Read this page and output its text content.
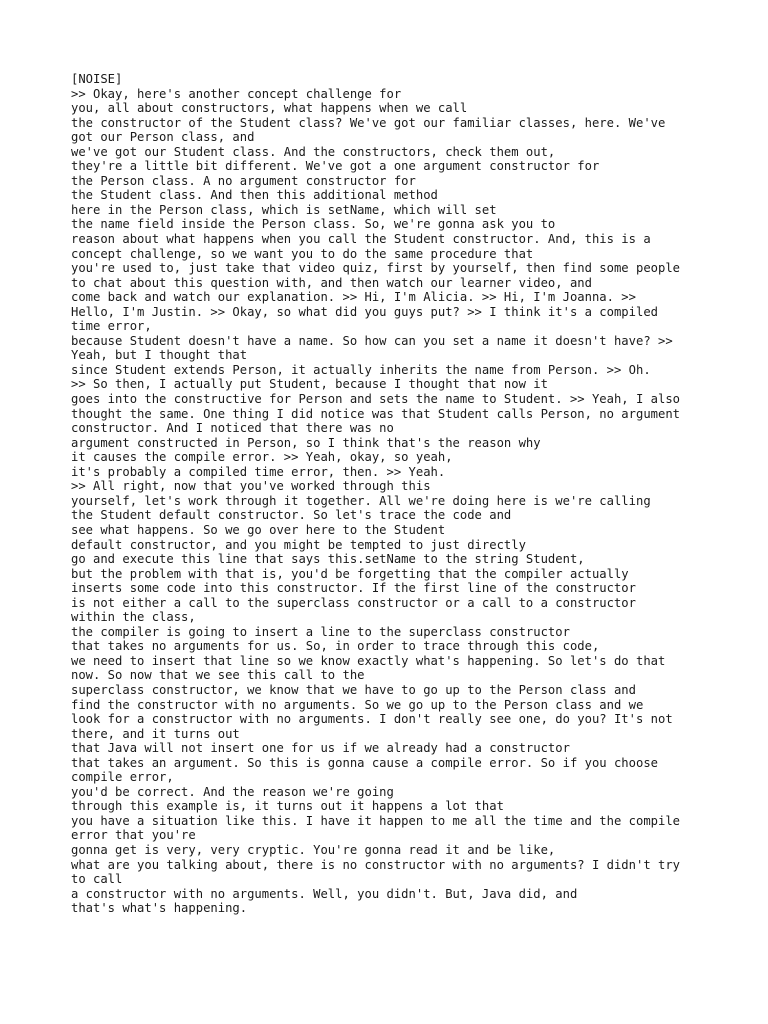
[NOISE]
>> Okay, here's another concept challenge for
you, all about constructors, what happens when we call
the constructor of the Student class? We've got our familiar classes, here. We've
got our Person class, and
we've got our Student class. And the constructors, check them out,
they're a little bit different. We've got a one argument constructor for
the Person class. A no argument constructor for
the Student class. And then this additional method
here in the Person class, which is setName, which will set
the name field inside the Person class. So, we're gonna ask you to
reason about what happens when you call the Student constructor. And, this is a
concept challenge, so we want you to do the same procedure that
you're used to, just take that video quiz, first by yourself, then find some people
to chat about this question with, and then watch our learner video, and
come back and watch our explanation. >> Hi, I'm Alicia. >> Hi, I'm Joanna. >>
Hello, I'm Justin. >> Okay, so what did you guys put? >> I think it's a compiled
time error,
because Student doesn't have a name. So how can you set a name it doesn't have? >>
Yeah, but I thought that
since Student extends Person, it actually inherits the name from Person. >> Oh.
>> So then, I actually put Student, because I thought that now it
goes into the constructive for Person and sets the name to Student. >> Yeah, I also
thought the same. One thing I did notice was that Student calls Person, no argument
constructor. And I noticed that there was no
argument constructed in Person, so I think that's the reason why
it causes the compile error. >> Yeah, okay, so yeah,
it's probably a compiled time error, then. >> Yeah.
>> All right, now that you've worked through this
yourself, let's work through it together. All we're doing here is we're calling
the Student default constructor. So let's trace the code and
see what happens. So we go over here to the Student
default constructor, and you might be tempted to just directly
go and execute this line that says this.setName to the string Student,
but the problem with that is, you'd be forgetting that the compiler actually
inserts some code into this constructor. If the first line of the constructor
is not either a call to the superclass constructor or a call to a constructor
within the class,
the compiler is going to insert a line to the superclass constructor
that takes no arguments for us. So, in order to trace through this code,
we need to insert that line so we know exactly what's happening. So let's do that
now. So now that we see this call to the
superclass constructor, we know that we have to go up to the Person class and
find the constructor with no arguments. So we go up to the Person class and we
look for a constructor with no arguments. I don't really see one, do you? It's not
there, and it turns out
that Java will not insert one for us if we already had a constructor
that takes an argument. So this is gonna cause a compile error. So if you choose
compile error,
you'd be correct. And the reason we're going
through this example is, it turns out it happens a lot that
you have a situation like this. I have it happen to me all the time and the compile
error that you're
gonna get is very, very cryptic. You're gonna read it and be like,
what are you talking about, there is no constructor with no arguments? I didn't try
to call
a constructor with no arguments. Well, you didn't. But, Java did, and
that's what's happening.
